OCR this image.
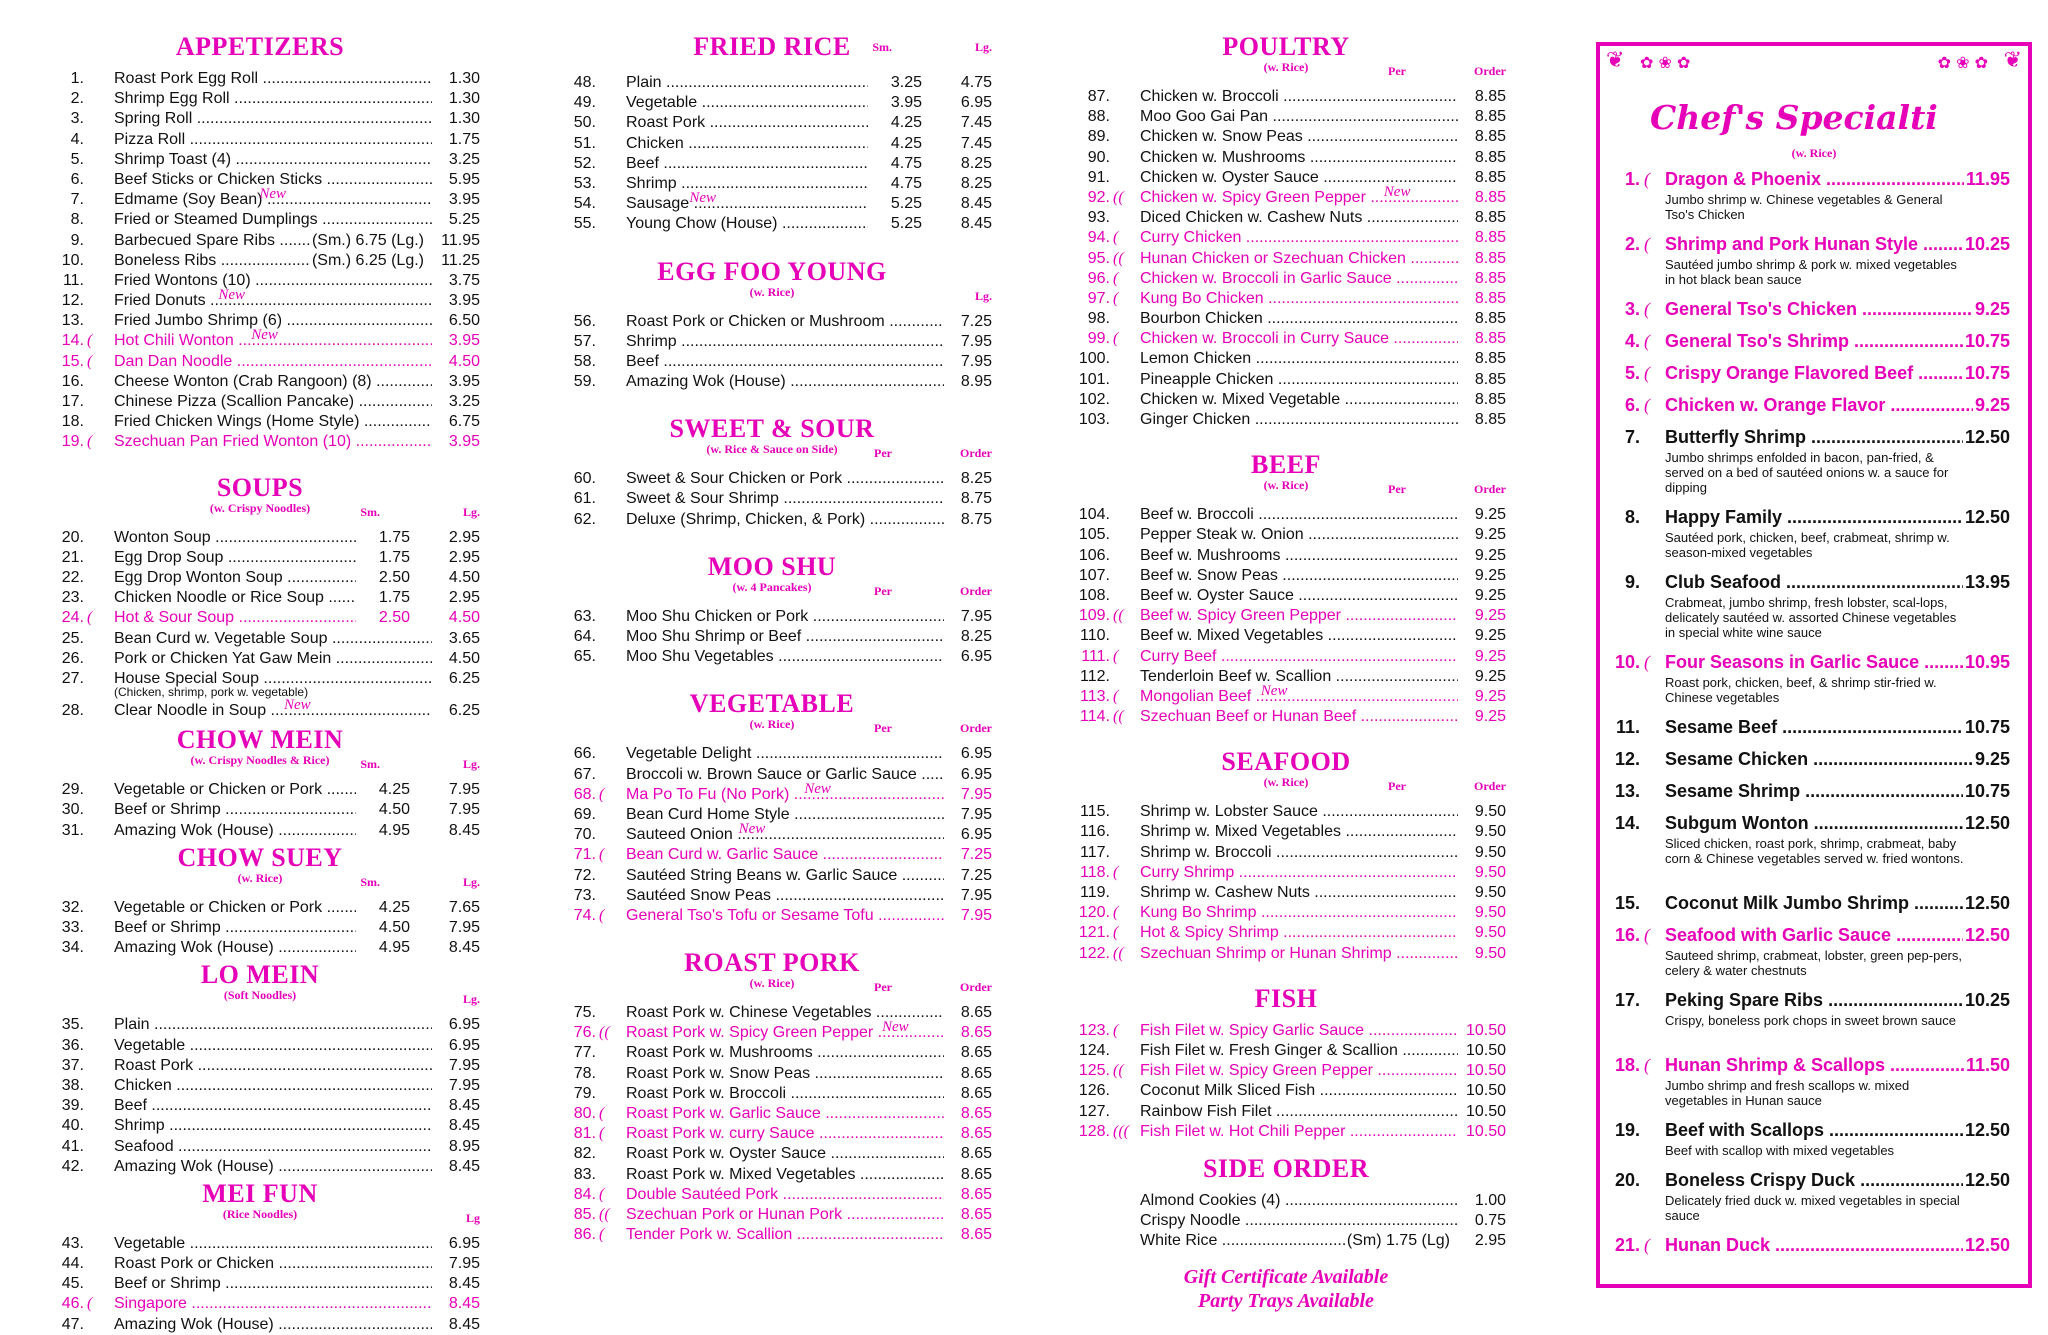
APPETIZERS
1. Roast Pork Egg Roll .....	1.30
2. Shrimp Egg Roll .....	1.30
3. Spring Roll .....	1.30
4. Pizza Roll .....	1.75
5. Shrimp Toast (4) .....	3.25
6. Beef Sticks or Chicken Sticks .....	5.95
7. Edmame (Soy Bean) .....	3.95
New
8. Fried or Steamed Dumplings .....	5.25
9. Barbecued Spare Ribs .....	(Sm.) 6.75 (Lg.)	11.95
10. Boneless Ribs .....	(Sm.) 6.25 (Lg.)	11.25
11. Fried Wontons (10) .....	3.75
12. Fried Donuts .....	3.95
New
13. Fried Jumbo Shrimp (6) .....	6.50
14. (	Hot Chili Wonton .....	3.95
New
15. (	Dan Dan Noodle .....	4.50
16. Cheese Wonton (Crab Rangoon) (8) .....	3.95
17. Chinese Pizza (Scallion Pancake) .....	3.25
18. Fried Chicken Wings (Home Style) .....	6.75
19. (	Szechuan Pan Fried Wonton (10) .....	3.95
SOUPS
(w. Crispy Noodles)	Sm.	Lg.
20. Wonton Soup .....	1.75	2.95
21. Egg Drop Soup .....	1.75	2.95
22. Egg Drop Wonton Soup .....	2.50	4.50
23. Chicken Noodle or Rice Soup .....	1.75	2.95
24. (	Hot & Sour Soup .....	2.50	4.50
25. Bean Curd w. Vegetable Soup .....	3.65
26. Pork or Chicken Yat Gaw Mein .....	4.50
27. House Special Soup .....	6.25
(Chicken, shrimp, pork w. vegetable)
28. Clear Noodle in Soup .....	6.25
New
CHOW MEIN
(w. Crispy Noodles & Rice)	Sm.	Lg.
29. Vegetable or Chicken or Pork .....	4.25	7.95
30. Beef or Shrimp .....	4.50	7.95
31. Amazing Wok (House) .....	4.95	8.45
CHOW SUEY
(w. Rice)	Sm.	Lg.
32. Vegetable or Chicken or Pork .....	4.25	7.65
33. Beef or Shrimp .....	4.50	7.95
34. Amazing Wok (House) .....	4.95	8.45
LO MEIN
(Soft Noodles)	Lg.
35. Plain .....	6.95
36. Vegetable .....	6.95
37. Roast Pork .....	7.95
38. Chicken .....	7.95
39. Beef .....	8.45
40. Shrimp .....	8.45
41. Seafood .....	8.95
42. Amazing Wok (House) .....	8.45
MEI FUN
(Rice Noodles)	Lg
43. Vegetable .....	6.95
44. Roast Pork or Chicken .....	7.95
45. Beef or Shrimp .....	8.45
46. (	Singapore .....	8.45
47. Amazing Wok (House) .....	8.45
FRIED RICE	Sm.	Lg.
48. Plain .....	3.25	4.75
49. Vegetable .....	3.95	6.95
50. Roast Pork .....	4.25	7.45
51. Chicken .....	4.25	7.45
52. Beef .....	4.75	8.25
53. Shrimp .....	4.75	8.25
54. Sausage .....	5.25	8.45
New
55. Young Chow (House) .....	5.25	8.45
EGG FOO YOUNG
(w. Rice)	Lg.
56. Roast Pork or Chicken or Mushroom .....	7.25
57. Shrimp .....	7.95
58. Beef .....	7.95
59. Amazing Wok (House) .....	8.95
SWEET & SOUR
(w. Rice & Sauce on Side)	Per	Order
60. Sweet & Sour Chicken or Pork .....	8.25
61. Sweet & Sour Shrimp .....	8.75
62. Deluxe (Shrimp, Chicken, & Pork) .....	8.75
MOO SHU
(w. 4 Pancakes)	Per	Order
63. Moo Shu Chicken or Pork .....	7.95
64. Moo Shu Shrimp or Beef .....	8.25
65. Moo Shu Vegetables .....	6.95
VEGETABLE
(w. Rice)	Per	Order
66. Vegetable Delight .....	6.95
67. Broccoli w. Brown Sauce or Garlic Sauce .....	6.95
68. (	Ma Po To Fu (No Pork) .....	7.95
New
69. Bean Curd Home Style .....	7.95
70. Sauteed Onion .....	6.95
New
71. (	Bean Curd w. Garlic Sauce .....	7.25
72. Sautéed String Beans w. Garlic Sauce .....	7.25
73. Sautéed Snow Peas .....	7.95
74. (	General Tso's Tofu or Sesame Tofu .....	7.95
ROAST PORK
(w. Rice)	Per	Order
75. Roast Pork w. Chinese Vegetables .....	8.65
76. ((	Roast Pork w. Spicy Green Pepper .....	8.65
New
77. Roast Pork w. Mushrooms .....	8.65
78. Roast Pork w. Snow Peas .....	8.65
79. Roast Pork w. Broccoli .....	8.65
80. (	Roast Pork w. Garlic Sauce .....	8.65
81. (	Roast Pork w. curry Sauce .....	8.65
82. Roast Pork w. Oyster Sauce .....	8.65
83. Roast Pork w. Mixed Vegetables .....	8.65
84. (	Double Sautéed Pork .....	8.65
85. ((	Szechuan Pork or Hunan Pork .....	8.65
86. (	Tender Pork w. Scallion .....	8.65
POULTRY
(w. Rice)	Per	Order
87. Chicken w. Broccoli .....	8.85
88. Moo Goo Gai Pan .....	8.85
89. Chicken w. Snow Peas .....	8.85
90. Chicken w. Mushrooms .....	8.85
91. Chicken w. Oyster Sauce .....	8.85
92. ((	Chicken w. Spicy Green Pepper .....	8.85
New
93. Diced Chicken w. Cashew Nuts .....	8.85
94. (	Curry Chicken .....	8.85
95. ((	Hunan Chicken or Szechuan Chicken .....	8.85
96. (	Chicken w. Broccoli in Garlic Sauce .....	8.85
97. (	Kung Bo Chicken .....	8.85
98. Bourbon Chicken .....	8.85
99. (	Chicken w. Broccoli in Curry Sauce .....	8.85
100. Lemon Chicken .....	8.85
101. Pineapple Chicken .....	8.85
102. Chicken w. Mixed Vegetable .....	8.85
103. Ginger Chicken .....	8.85
BEEF
(w. Rice)	Per	Order
104. Beef w. Broccoli .....	9.25
105. Pepper Steak w. Onion .....	9.25
106. Beef w. Mushrooms .....	9.25
107. Beef w. Snow Peas .....	9.25
108. Beef w. Oyster Sauce .....	9.25
109. ((	Beef w. Spicy Green Pepper .....	9.25
110. Beef w. Mixed Vegetables .....	9.25
111. (	Curry Beef .....	9.25
112. Tenderloin Beef w. Scallion .....	9.25
113. (	Mongolian Beef .....	9.25
New
114. ((	Szechuan Beef or Hunan Beef .....	9.25
SEAFOOD
(w. Rice)	Per	Order
115. Shrimp w. Lobster Sauce .....	9.50
116. Shrimp w. Mixed Vegetables .....	9.50
117. Shrimp w. Broccoli .....	9.50
118. (	Curry Shrimp .....	9.50
119. Shrimp w. Cashew Nuts .....	9.50
120. (	Kung Bo Shrimp .....	9.50
121. (	Hot & Spicy Shrimp .....	9.50
122. ((	Szechuan Shrimp or Hunan Shrimp .....	9.50
FISH
123. (	Fish Filet w. Spicy Garlic Sauce .....	10.50
124. Fish Filet w. Fresh Ginger & Scallion .....	10.50
125. ((	Fish Filet w. Spicy Green Pepper .....	10.50
126. Coconut Milk Sliced Fish .....	10.50
127. Rainbow Fish Filet .....	10.50
128. ((( Fish Filet w. Hot Chili Pepper .....	10.50
SIDE ORDER
Almond Cookies (4) .....	1.00
Crispy Noodle .....	0.75
White Rice .....	(Sm) 1.75 (Lg)	2.95
Gift Certificate Available
Party Trays Available
❦	❦
✿ ❀ ✿	✿ ❀ ✿
Chef's Specialti
(w. Rice)
1. ( Dragon & Phoenix .....	11.95
Jumbo shrimp w. Chinese vegetables & General Tso's Chicken
2. ( Shrimp and Pork Hunan Style .....	10.25
Sautéed jumbo shrimp & pork w. mixed vegetables in hot black bean sauce
3. ( General Tso's Chicken .....	9.25
4. ( General Tso's Shrimp .....	10.75
5. ( Crispy Orange Flavored Beef .....	10.75
6. ( Chicken w. Orange Flavor .....	9.25
7. Butterfly Shrimp .....	12.50
Jumbo shrimps enfolded in bacon, pan-fried, & served on a bed of sautéed onions w. a sauce for dipping
8. Happy Family .....	12.50
Sautéed pork, chicken, beef, crabmeat, shrimp w. season-mixed vegetables
9. Club Seafood .....	13.95
Crabmeat, jumbo shrimp, fresh lobster, scal-lops, delicately sautéed w. assorted Chinese vegetables in special white wine sauce
10. ( Four Seasons in Garlic Sauce .....	10.95
Roast pork, chicken, beef, & shrimp stir-fried w. Chinese vegetables
11. Sesame Beef .....	10.75
12. Sesame Chicken .....	9.25
13. Sesame Shrimp .....	10.75
14. Subgum Wonton .....	12.50
Sliced chicken, roast pork, shrimp, crabmeat, baby corn & Chinese vegetables served w. fried wontons.
15. Coconut Milk Jumbo Shrimp .....	12.50
16. ( Seafood with Garlic Sauce .....	12.50
Sauteed shrimp, crabmeat, lobster, green pep-pers, celery & water chestnuts
17. Peking Spare Ribs .....	10.25
Crispy, boneless pork chops in sweet brown sauce
18. ( Hunan Shrimp & Scallops .....	11.50
Jumbo shrimp and fresh scallops w. mixed vegetables in Hunan sauce
19. Beef with Scallops .....	12.50
Beef with scallop with mixed vegetables
20. Boneless Crispy Duck .....	12.50
Delicately fried duck w. mixed vegetables in special sauce
21. ( Hunan Duck .....	12.50
